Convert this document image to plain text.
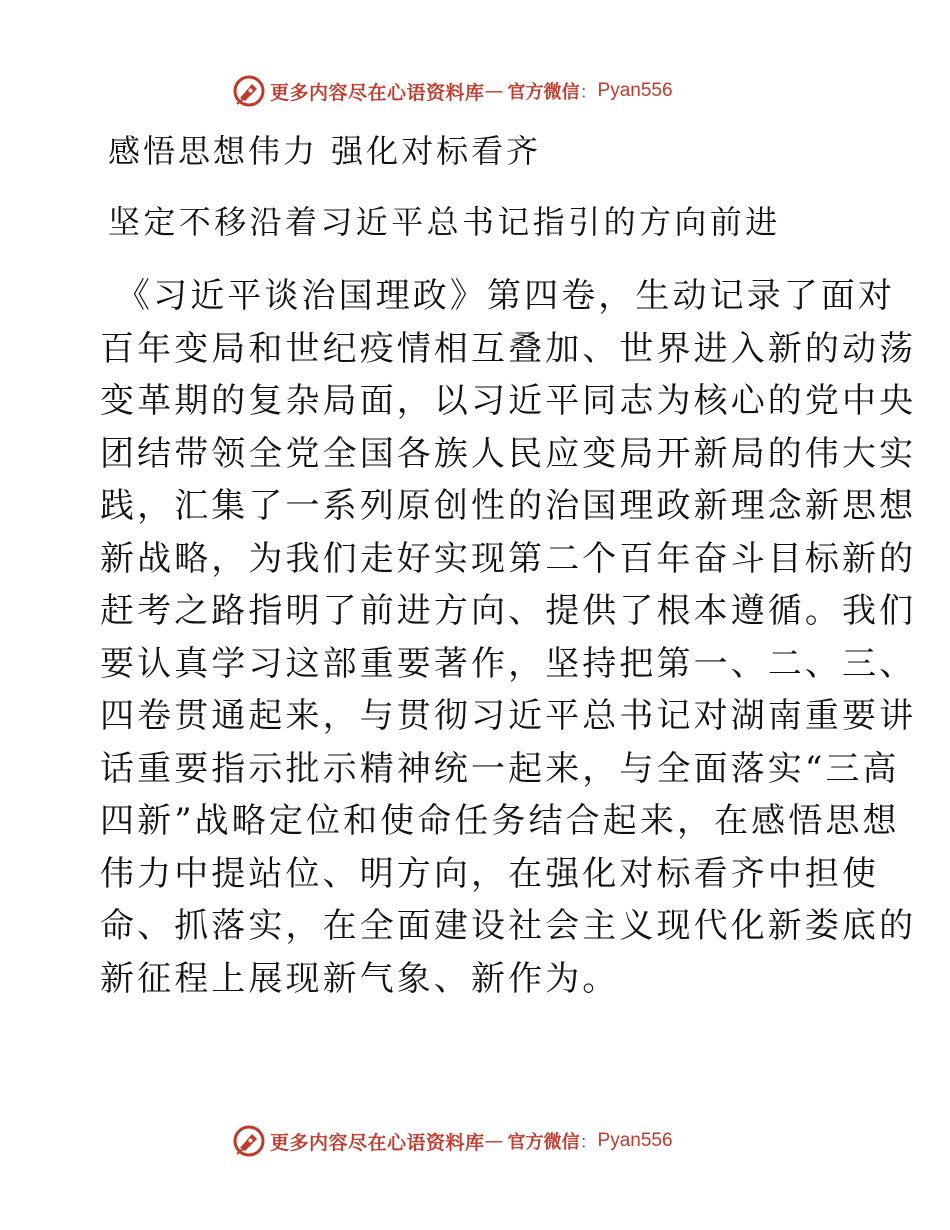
更多内容尽在心语资料库 — 官方微信 ： Pyan556
感悟思想伟力 强化对标看齐
坚定不移沿着习近平总书记指引的方向前进
《习近平谈治国理政》第四卷，生动记录了面对
百年变局和世纪疫情相互叠加、世界进入新的动荡
变革期的复杂局面，以习近平同志为核心的党中央
团结带领全党全国各族人民应变局开新局的伟大实
践，汇集了一系列原创性的治国理政新理念新思想
新战略，为我们走好实现第二个百年奋斗目标新的
赶考之路指明了前进方向、提供了根本遵循。我们
要认真学习这部重要著作，坚持把第一、二、三、
四卷贯通起来，与贯彻习近平总书记对湖南重要讲
话重要指示批示精神统一起来，与全面落实“三高
四新”战略定位和使命任务结合起来，在感悟思想
伟力中提站位、明方向，在强化对标看齐中担使
命、抓落实，在全面建设社会主义现代化新娄底的
新征程上展现新气象、新作为。
更多内容尽在心语资料库 — 官方微信 ： Pyan556
